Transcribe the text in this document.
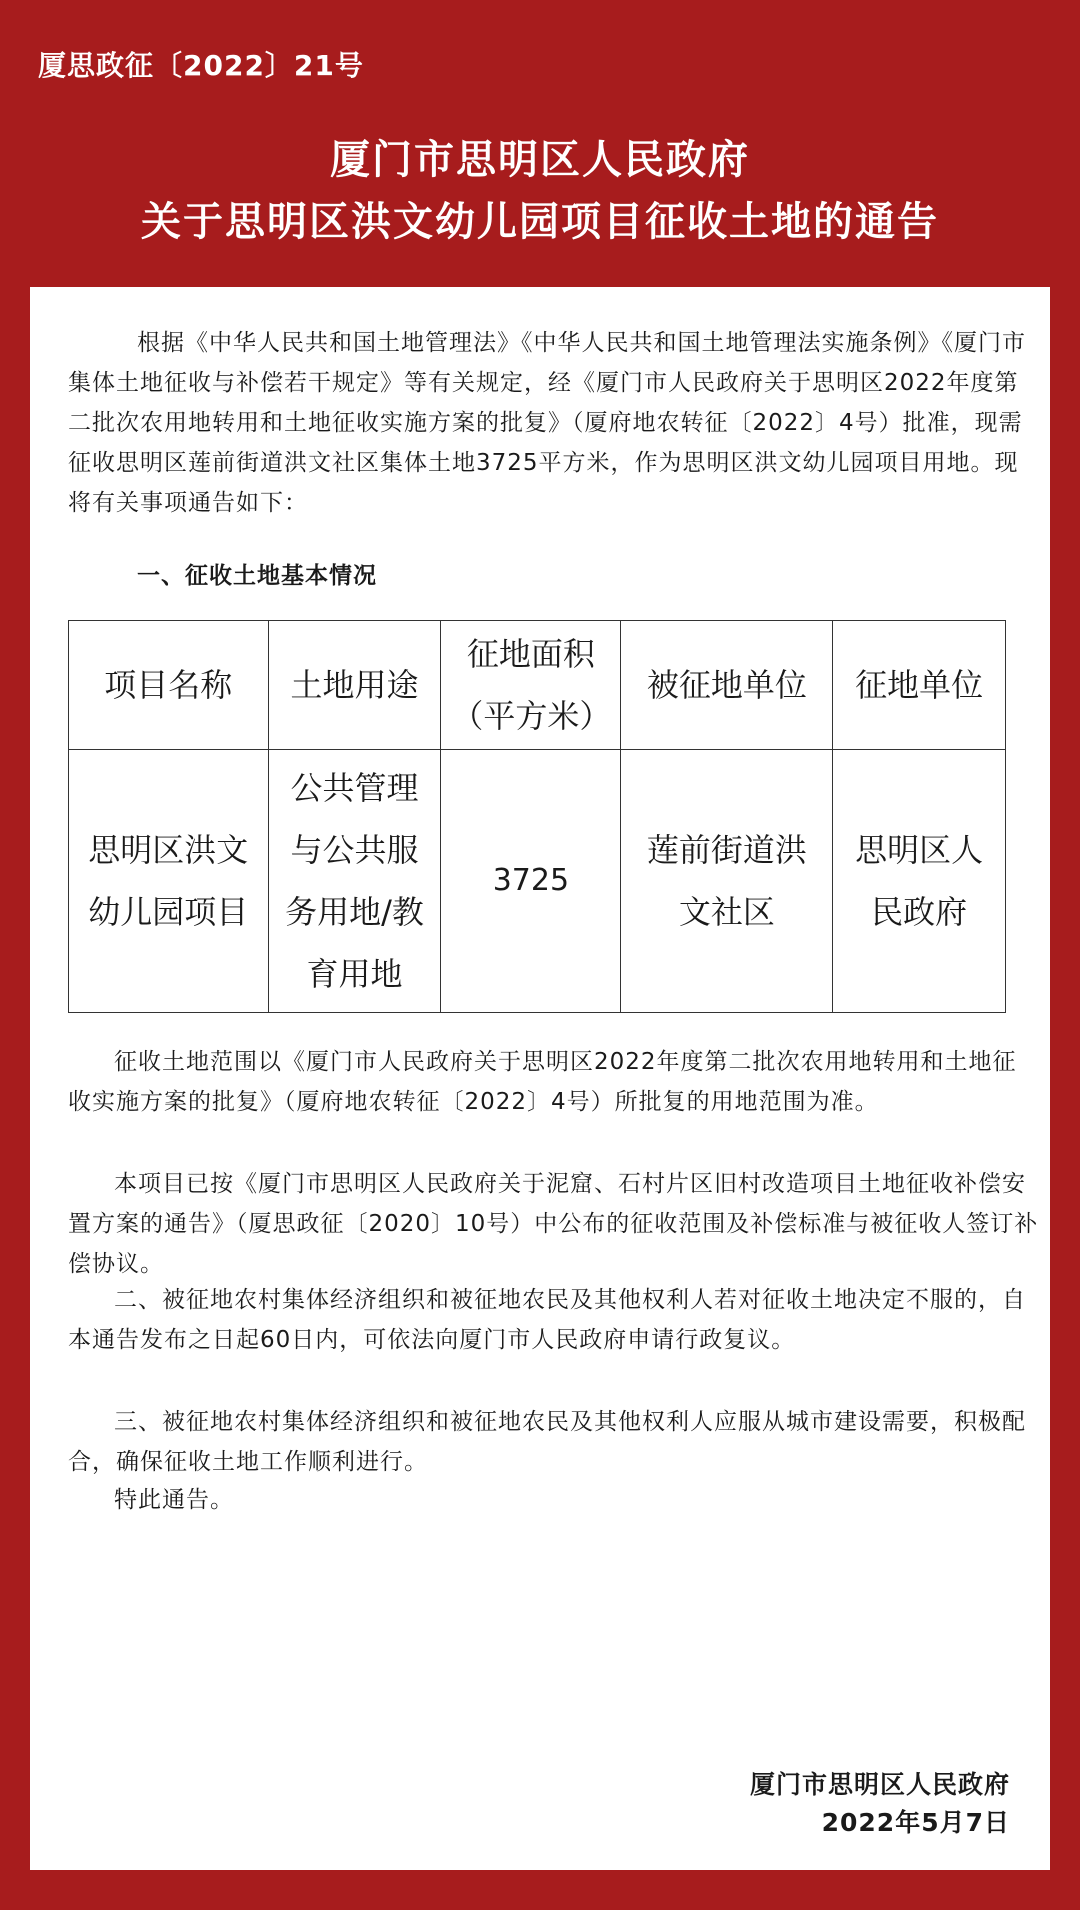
厦思政征〔2022〕21号
厦门市思明区人民政府
关于思明区洪文幼儿园项目征收土地的通告

根据《中华人民共和国土地管理法》《中华人民共和国土地管理法实施条例》《厦门市集体土地征收与补偿若干规定》等有关规定，经《厦门市人民政府关于思明区2022年度第二批次农用地转用和土地征收实施方案的批复》（厦府地农转征〔2022〕4号）批准，现需征收思明区莲前街道洪文社区集体土地3725平方米，作为思明区洪文幼儿园项目用地。现将有关事项通告如下：

一、征收土地基本情况

项目名称	土地用途	征地面积（平方米）	被征地单位	征地单位
思明区洪文幼儿园项目	公共管理与公共服务用地/教育用地	3725	莲前街道洪文社区	思明区人民政府

征收土地范围以《厦门市人民政府关于思明区2022年度第二批次农用地转用和土地征收实施方案的批复》（厦府地农转征〔2022〕4号）所批复的用地范围为准。

本项目已按《厦门市思明区人民政府关于泥窟、石村片区旧村改造项目土地征收补偿安置方案的通告》（厦思政征〔2020〕10号）中公布的征收范围及补偿标准与被征收人签订补偿协议。

二、被征地农村集体经济组织和被征地农民及其他权利人若对征收土地决定不服的，自本通告发布之日起60日内，可依法向厦门市人民政府申请行政复议。

三、被征地农村集体经济组织和被征地农民及其他权利人应服从城市建设需要，积极配合，确保征收土地工作顺利进行。

特此通告。

厦门市思明区人民政府
2022年5月7日
